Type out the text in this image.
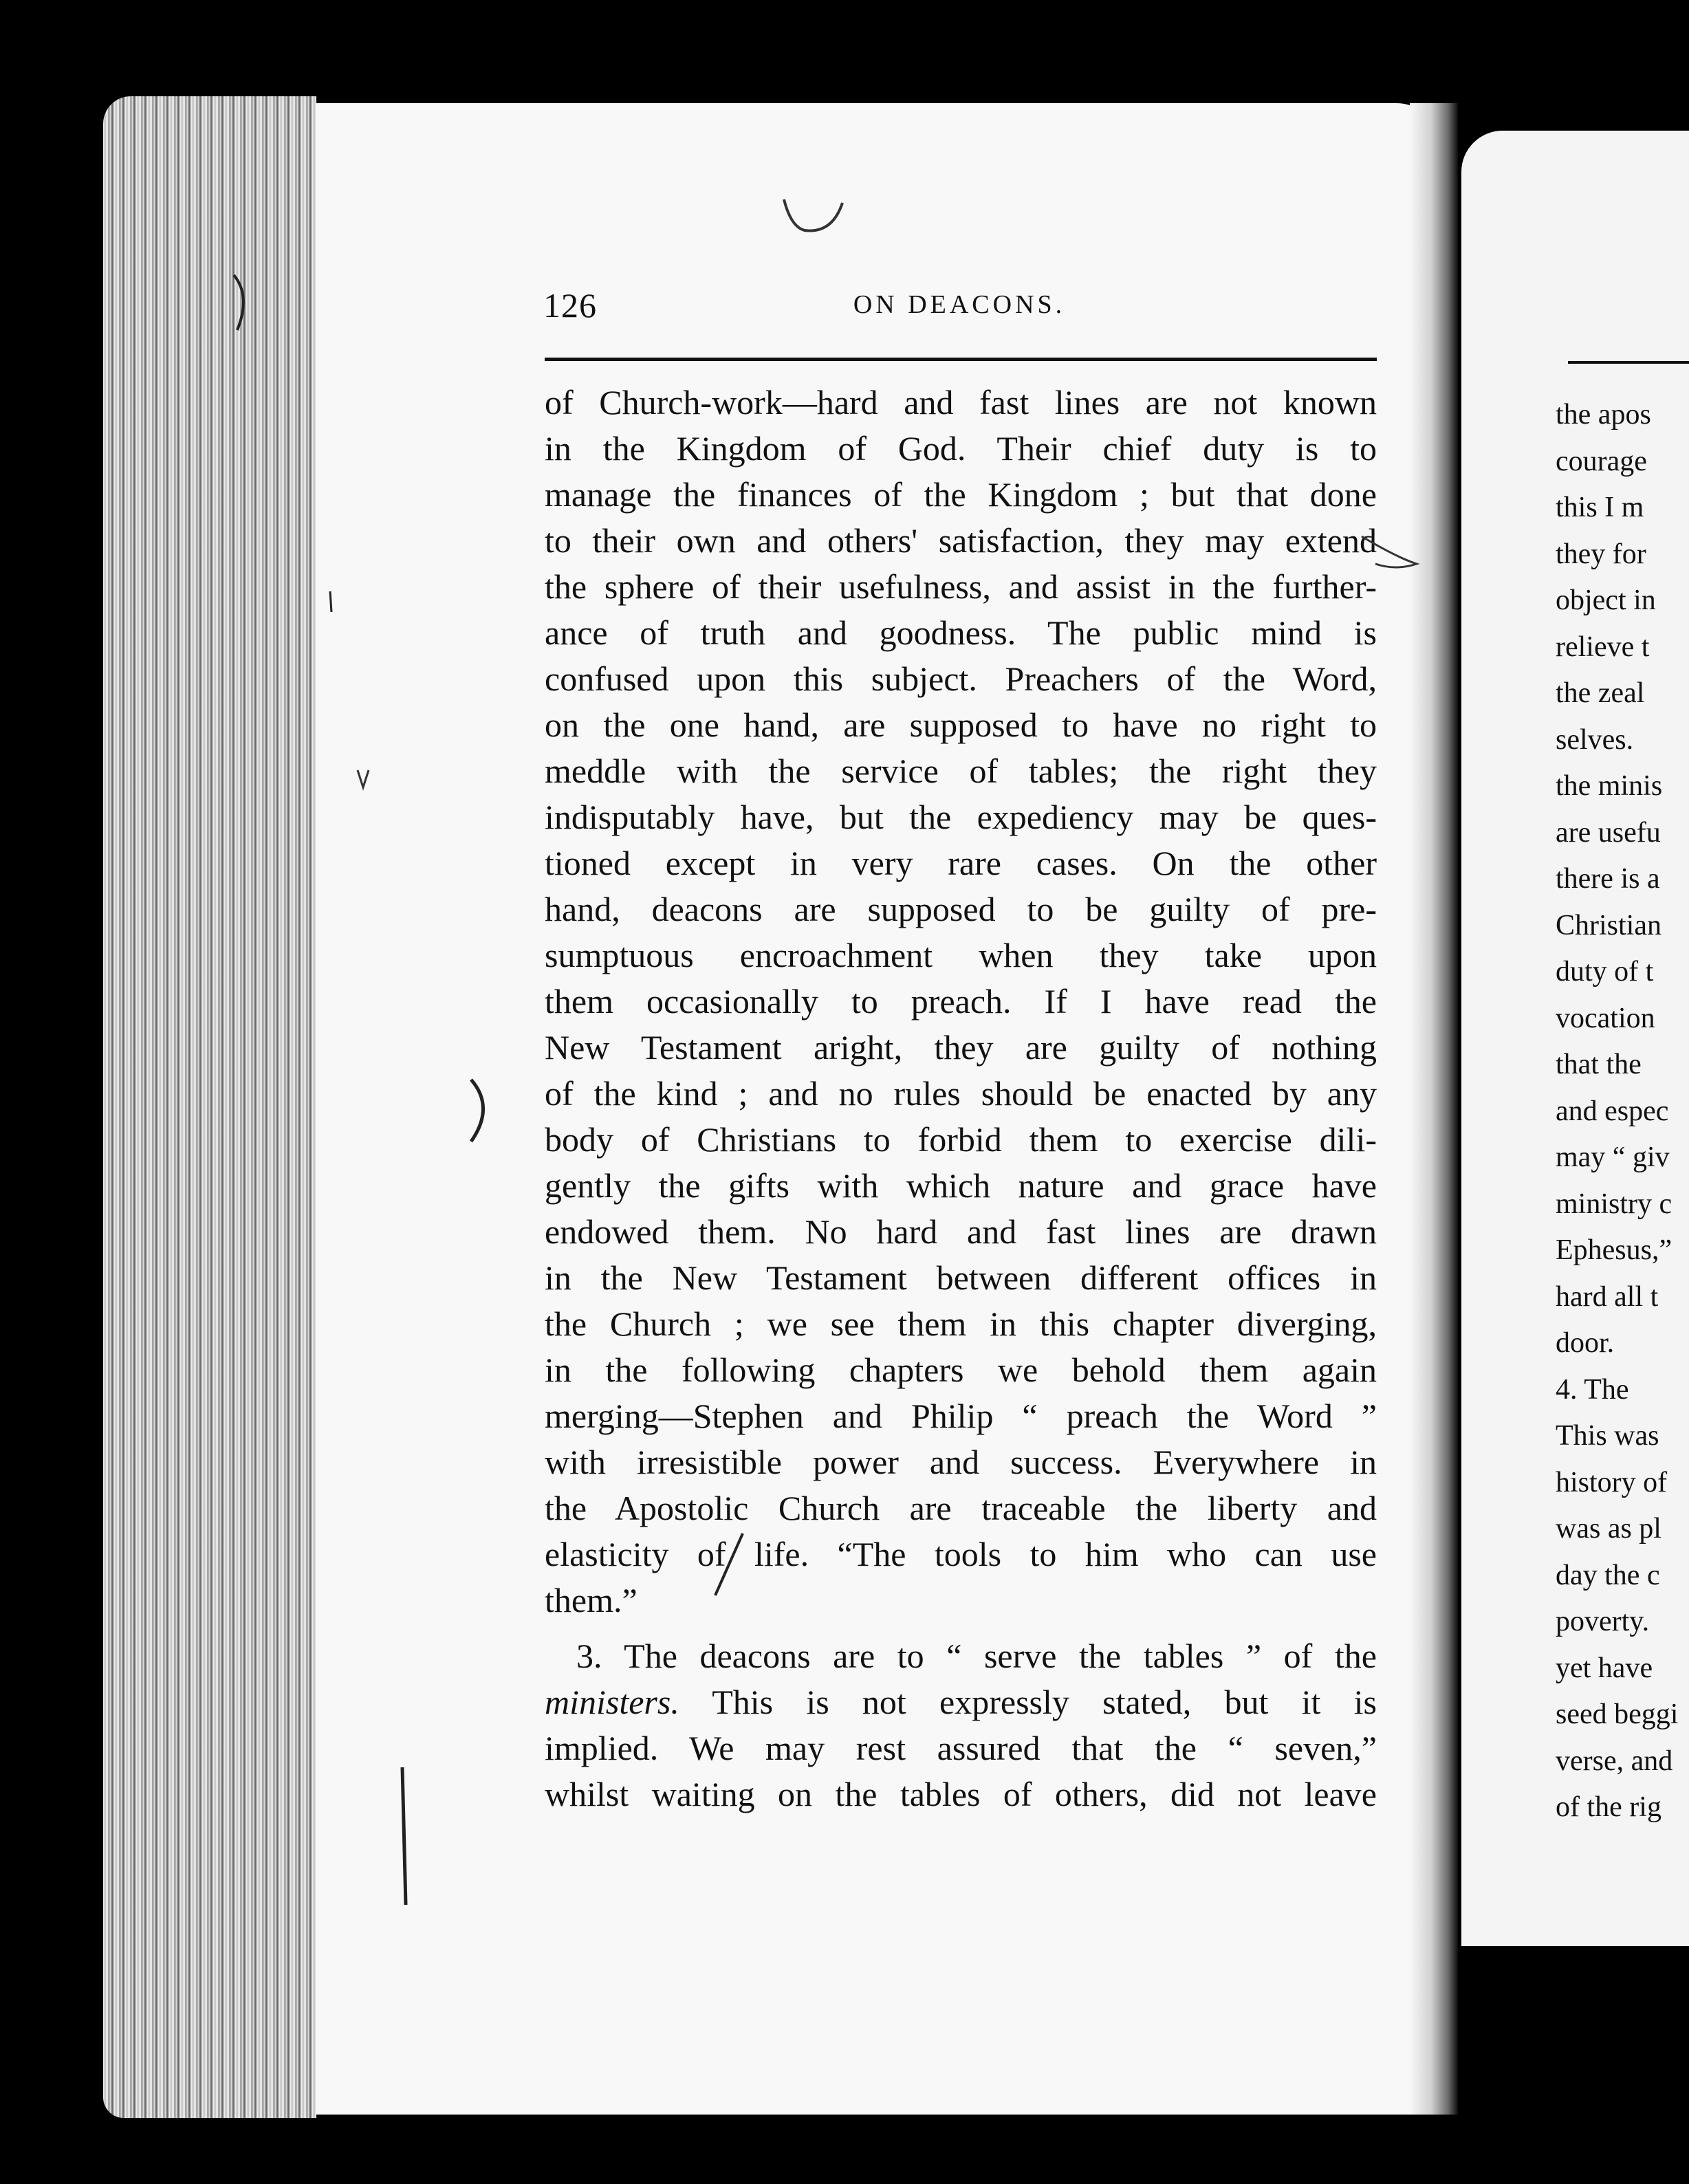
126	ON DEACONS.
of Church-work—hard and fast lines are not known
in the Kingdom of God. Their chief duty is to
manage the finances of the Kingdom ; but that done
to their own and others' satisfaction, they may extend
the sphere of their usefulness, and assist in the further-
ance of truth and goodness. The public mind is
confused upon this subject. Preachers of the Word,
on the one hand, are supposed to have no right to
meddle with the service of tables; the right they
indisputably have, but the expediency may be ques-
tioned except in very rare cases. On the other
hand, deacons are supposed to be guilty of pre-
sumptuous encroachment when they take upon
them occasionally to preach. If I have read the
New Testament aright, they are guilty of nothing
of the kind ; and no rules should be enacted by any
body of Christians to forbid them to exercise dili-
gently the gifts with which nature and grace have
endowed them. No hard and fast lines are drawn
in the New Testament between different offices in
the Church ; we see them in this chapter diverging,
in the following chapters we behold them again
merging—Stephen and Philip “ preach the Word ”
with irresistible power and success. Everywhere in
the Apostolic Church are traceable the liberty and
elasticity of life. “The tools to him who can use
them.”
3. The deacons are to “ serve the tables ” of the
ministers. This is not expressly stated, but it is
implied. We may rest assured that the “ seven,”
whilst waiting on the tables of others, did not leave
the apos
courage
this I m
they for
object in
relieve t
the zeal
selves.
the minis
are usefu
there is a
Christian
duty of t
vocation
that the
and espec
may “ giv
ministry c
Ephesus,”
hard all t
door.
4. The
This was
history of
was as pl
day the c
poverty.
yet have
seed beggi
verse, and
of the rig
